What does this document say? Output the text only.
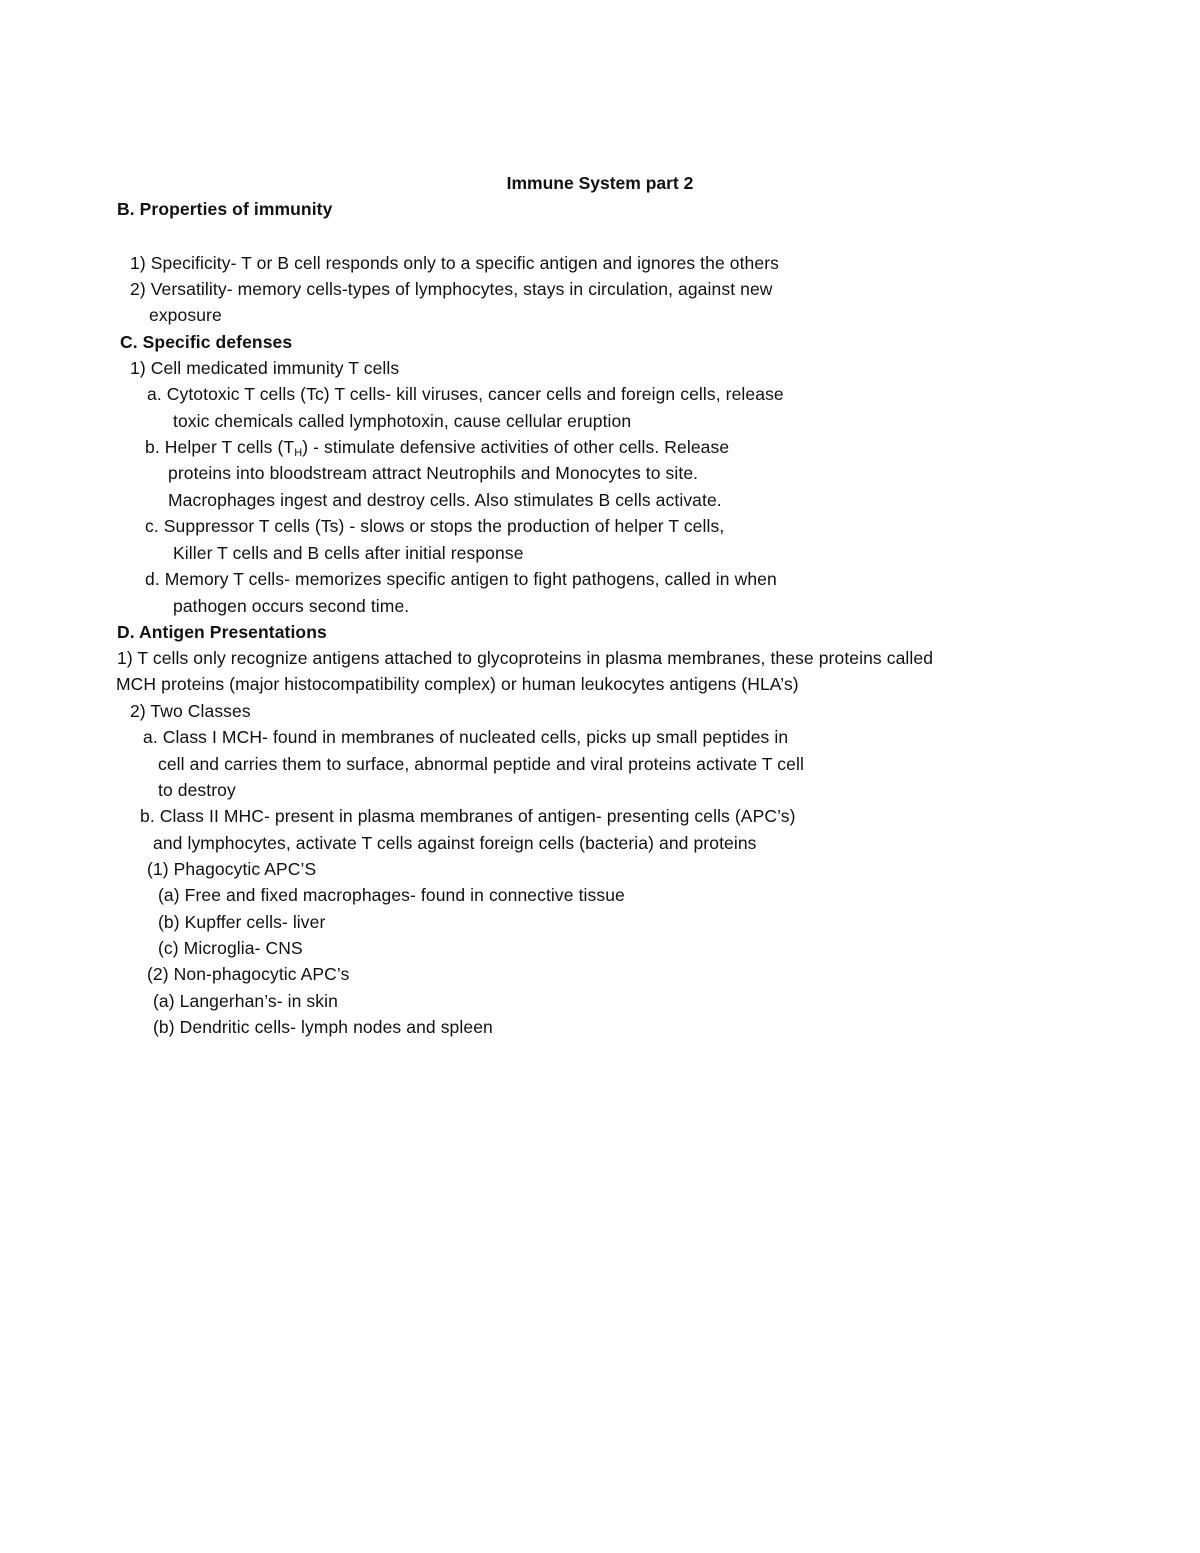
Immune System part 2
B. Properties of immunity
1) Specificity- T or B cell responds only to a specific antigen and ignores the others
2) Versatility- memory cells-types of lymphocytes, stays in circulation, against new
exposure
C. Specific defenses
1) Cell medicated immunity T cells
a. Cytotoxic T cells (Tc) T cells- kill viruses, cancer cells and foreign cells, release
toxic chemicals called lymphotoxin, cause cellular eruption
b. Helper T cells $(T_H)$ - stimulate defensive activities of other cells. Release
proteins into bloodstream attract Neutrophils and Monocytes to site.
Macrophages ingest and destroy cells. Also stimulates B cells activate.
c. Suppressor T cells (Ts) - slows or stops the production of helper T cells,
Killer T cells and B cells after initial response
d. Memory T cells- memorizes specific antigen to fight pathogens, called in when
pathogen occurs second time.
D. Antigen Presentations
1) T cells only recognize antigens attached to glycoproteins in plasma membranes, these proteins called
MCH proteins (major histocompatibility complex) or human leukocytes antigens (HLA’s)
2) Two Classes
a. Class I MCH- found in membranes of nucleated cells, picks up small peptides in
cell and carries them to surface, abnormal peptide and viral proteins activate T cell
to destroy
b. Class II MHC- present in plasma membranes of antigen- presenting cells (APC’s)
and lymphocytes, activate T cells against foreign cells (bacteria) and proteins
(1) Phagocytic APC’S
(a) Free and fixed macrophages- found in connective tissue
(b) Kupffer cells- liver
(c) Microglia- CNS
(2) Non-phagocytic APC’s
(a) Langerhan’s- in skin
(b) Dendritic cells- lymph nodes and spleen
